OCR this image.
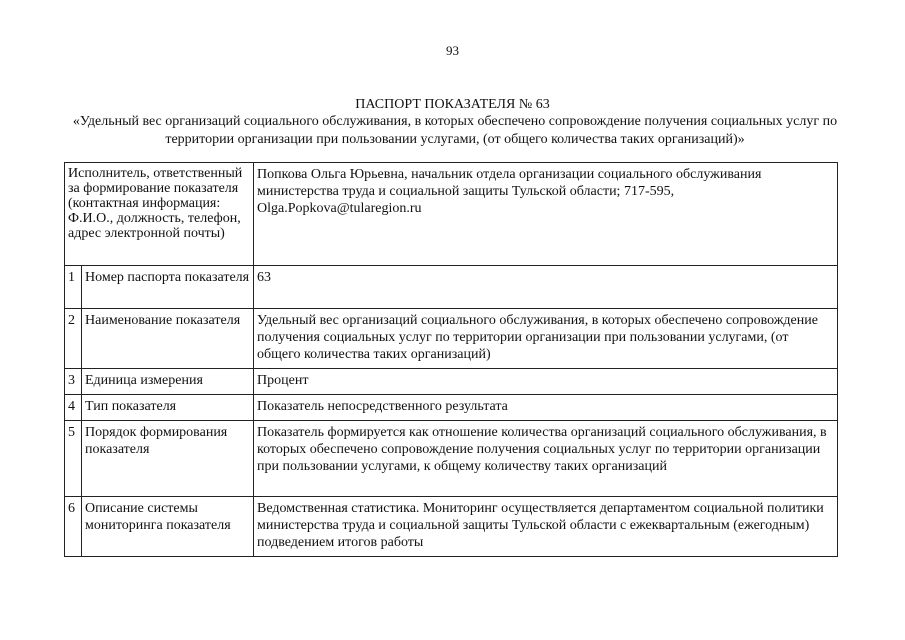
93
ПАСПОРТ ПОКАЗАТЕЛЯ № 63
«Удельный вес организаций социального обслуживания, в которых обеспечено сопровождение получения социальных услуг по территории организации при пользовании услугами, (от общего количества таких организаций)»
Исполнитель, ответственный за формирование показателя (контактная информация: Ф.И.О., должность, телефон, адрес электронной почты)		Попкова Ольга Юрьевна, начальник отдела организации социального обслуживания министерства труда и социальной защиты Тульской области; 717-595, Olga.Popkova@tularegion.ru
1	Номер паспорта показателя	63
2	Наименование показателя	Удельный вес организаций социального обслуживания, в которых обеспечено сопровождение получения социальных услуг по территории организации при пользовании услугами, (от общего количества таких организаций)
3	Единица измерения	Процент
4	Тип показателя	Показатель непосредственного результата
5	Порядок формирования показателя	Показатель формируется как отношение количества организаций социального обслуживания, в которых обеспечено сопровождение получения социальных услуг по территории организации при пользовании услугами, к общему количеству таких организаций
6	Описание системы мониторинга показателя	Ведомственная статистика. Мониторинг осуществляется департаментом социальной политики министерства труда и социальной защиты Тульской области с ежеквартальным (ежегодным) подведением итогов работы
